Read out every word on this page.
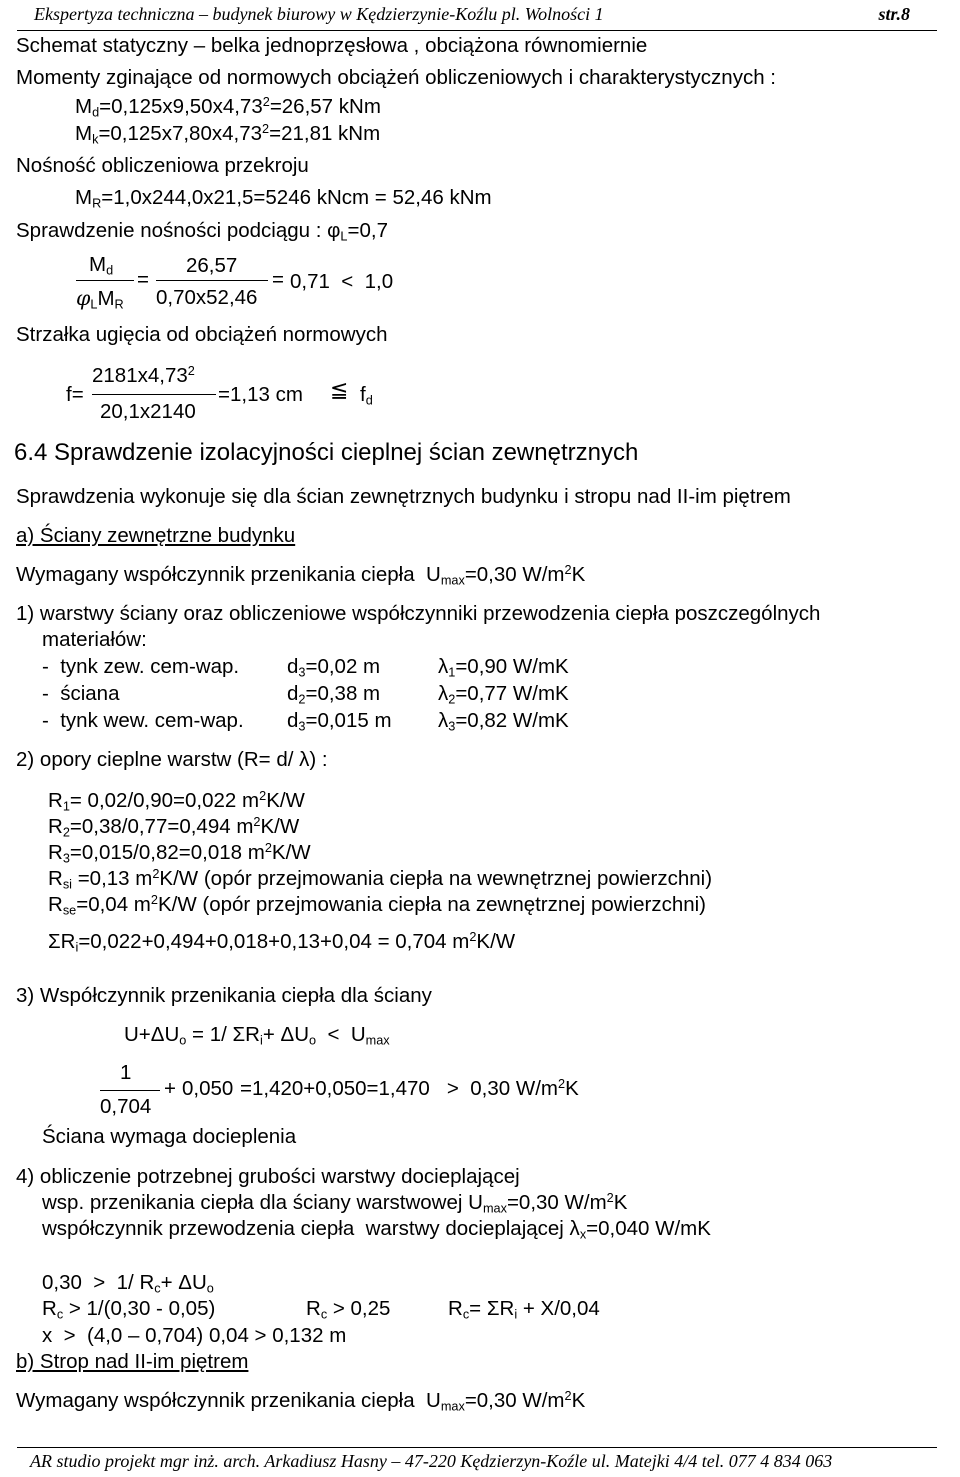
Ekspertyza techniczna – budynek biurowy w Kędzierzynie-Koźlu pl. Wolności 1	str.8
Schemat statyczny – belka jednoprzęsłowa , obciążona równomiernie
Momenty zginające od normowych obciążeń obliczeniowych i charakterystycznych :
$M_d=0,125x9,50x4,73^2=26,57$ kNm
$M_k=0,125x7,80x4,73^2=21,81$ kNm
Nośność obliczeniowa przekroju
$M_R=1,0x244,0x21,5=5246$ kNcm = 52,46 kNm
Sprawdzenie nośności podciągu : $\varphi_L=0,7$
$M_d$
$\varphi_LM_R$
=
26,57
0,70x52,46
= 0,71  <  1,0
Strzałka ugięcia od obciążeń normowych
f=
$2181x4,73^2$
20,1x2140
=1,13 cm ≦ $f_d$
6.4 Sprawdzenie izolacyjności cieplnej ścian zewnętrznych
Sprawdzenia wykonuje się dla ścian zewnętrznych budynku i stropu nad II-im piętrem
a) Ściany zewnętrzne budynku
Wymagany współczynnik przenikania ciepła  $U_{max}=0,30$ $W/m^2K$
1) warstwy ściany oraz obliczeniowe współczynniki przewodzenia ciepła poszczególnych
materiałów:
-  tynk zew. cem-wap. $d_3=0,02$ m	$\lambda_1=0,90$ W/mK
-  ściana	$d_2=0,38$ m	$\lambda_2=0,77$ W/mK
-  tynk wew. cem-wap. $d_3=0,015$ m $\lambda_3=0,82$ W/mK
2) opory cieplne warstw (R= d/ λ) :
$R_1= 0,02/0,90=0,022$ $m^2K/W$
$R_2=0,38/0,77=0,494$ $m^2K/W$
$R_3=0,015/0,82=0,018$ $m^2K/W$
$R_{si} =0,13$ $m^2K/W$ (opór przejmowania ciepła na wewnętrznej powierzchni)
$R_{se}=0,04$ $m^2K/W$ (opór przejmowania ciepła na zewnętrznej powierzchni)
$\Sigma R_i=0,022+0,494+0,018+0,13+0,04 = 0,704$ $m^2K/W$
3) Współczynnik przenikania ciepła dla ściany
$U+\Delta U_o = 1/$ $\Sigma R_i+ \Delta U_o < U_{max}$
1
0,704
+ 0,050 =1,420+0,050=1,470   >  0,30 $W/m^2K$
Ściana wymaga docieplenia
4) obliczenie potrzebnej grubości warstwy docieplającej
wsp. przenikania ciepła dla ściany warstwowej $U_{max}=0,30$ $W/m^2K$
współczynnik przewodzenia ciepła  warstwy docieplającej $\lambda_x=0,040$ W/mK
0,30  >  1/ $R_c+ \Delta U_o$
$R_c > 1/(0,30 - 0,05)$	$R_c > 0,25$	$R_c= \Sigma R_i + X/0,04$
x  >  (4,0 – 0,704) 0,04 > 0,132 m
b) Strop nad II-im piętrem
Wymagany współczynnik przenikania ciepła  $U_{max}=0,30$ $W/m^2K$
AR studio projekt mgr inż. arch. Arkadiusz Hasny – 47-220 Kędzierzyn-Koźle ul. Matejki 4/4 tel. 077 4 834 063
